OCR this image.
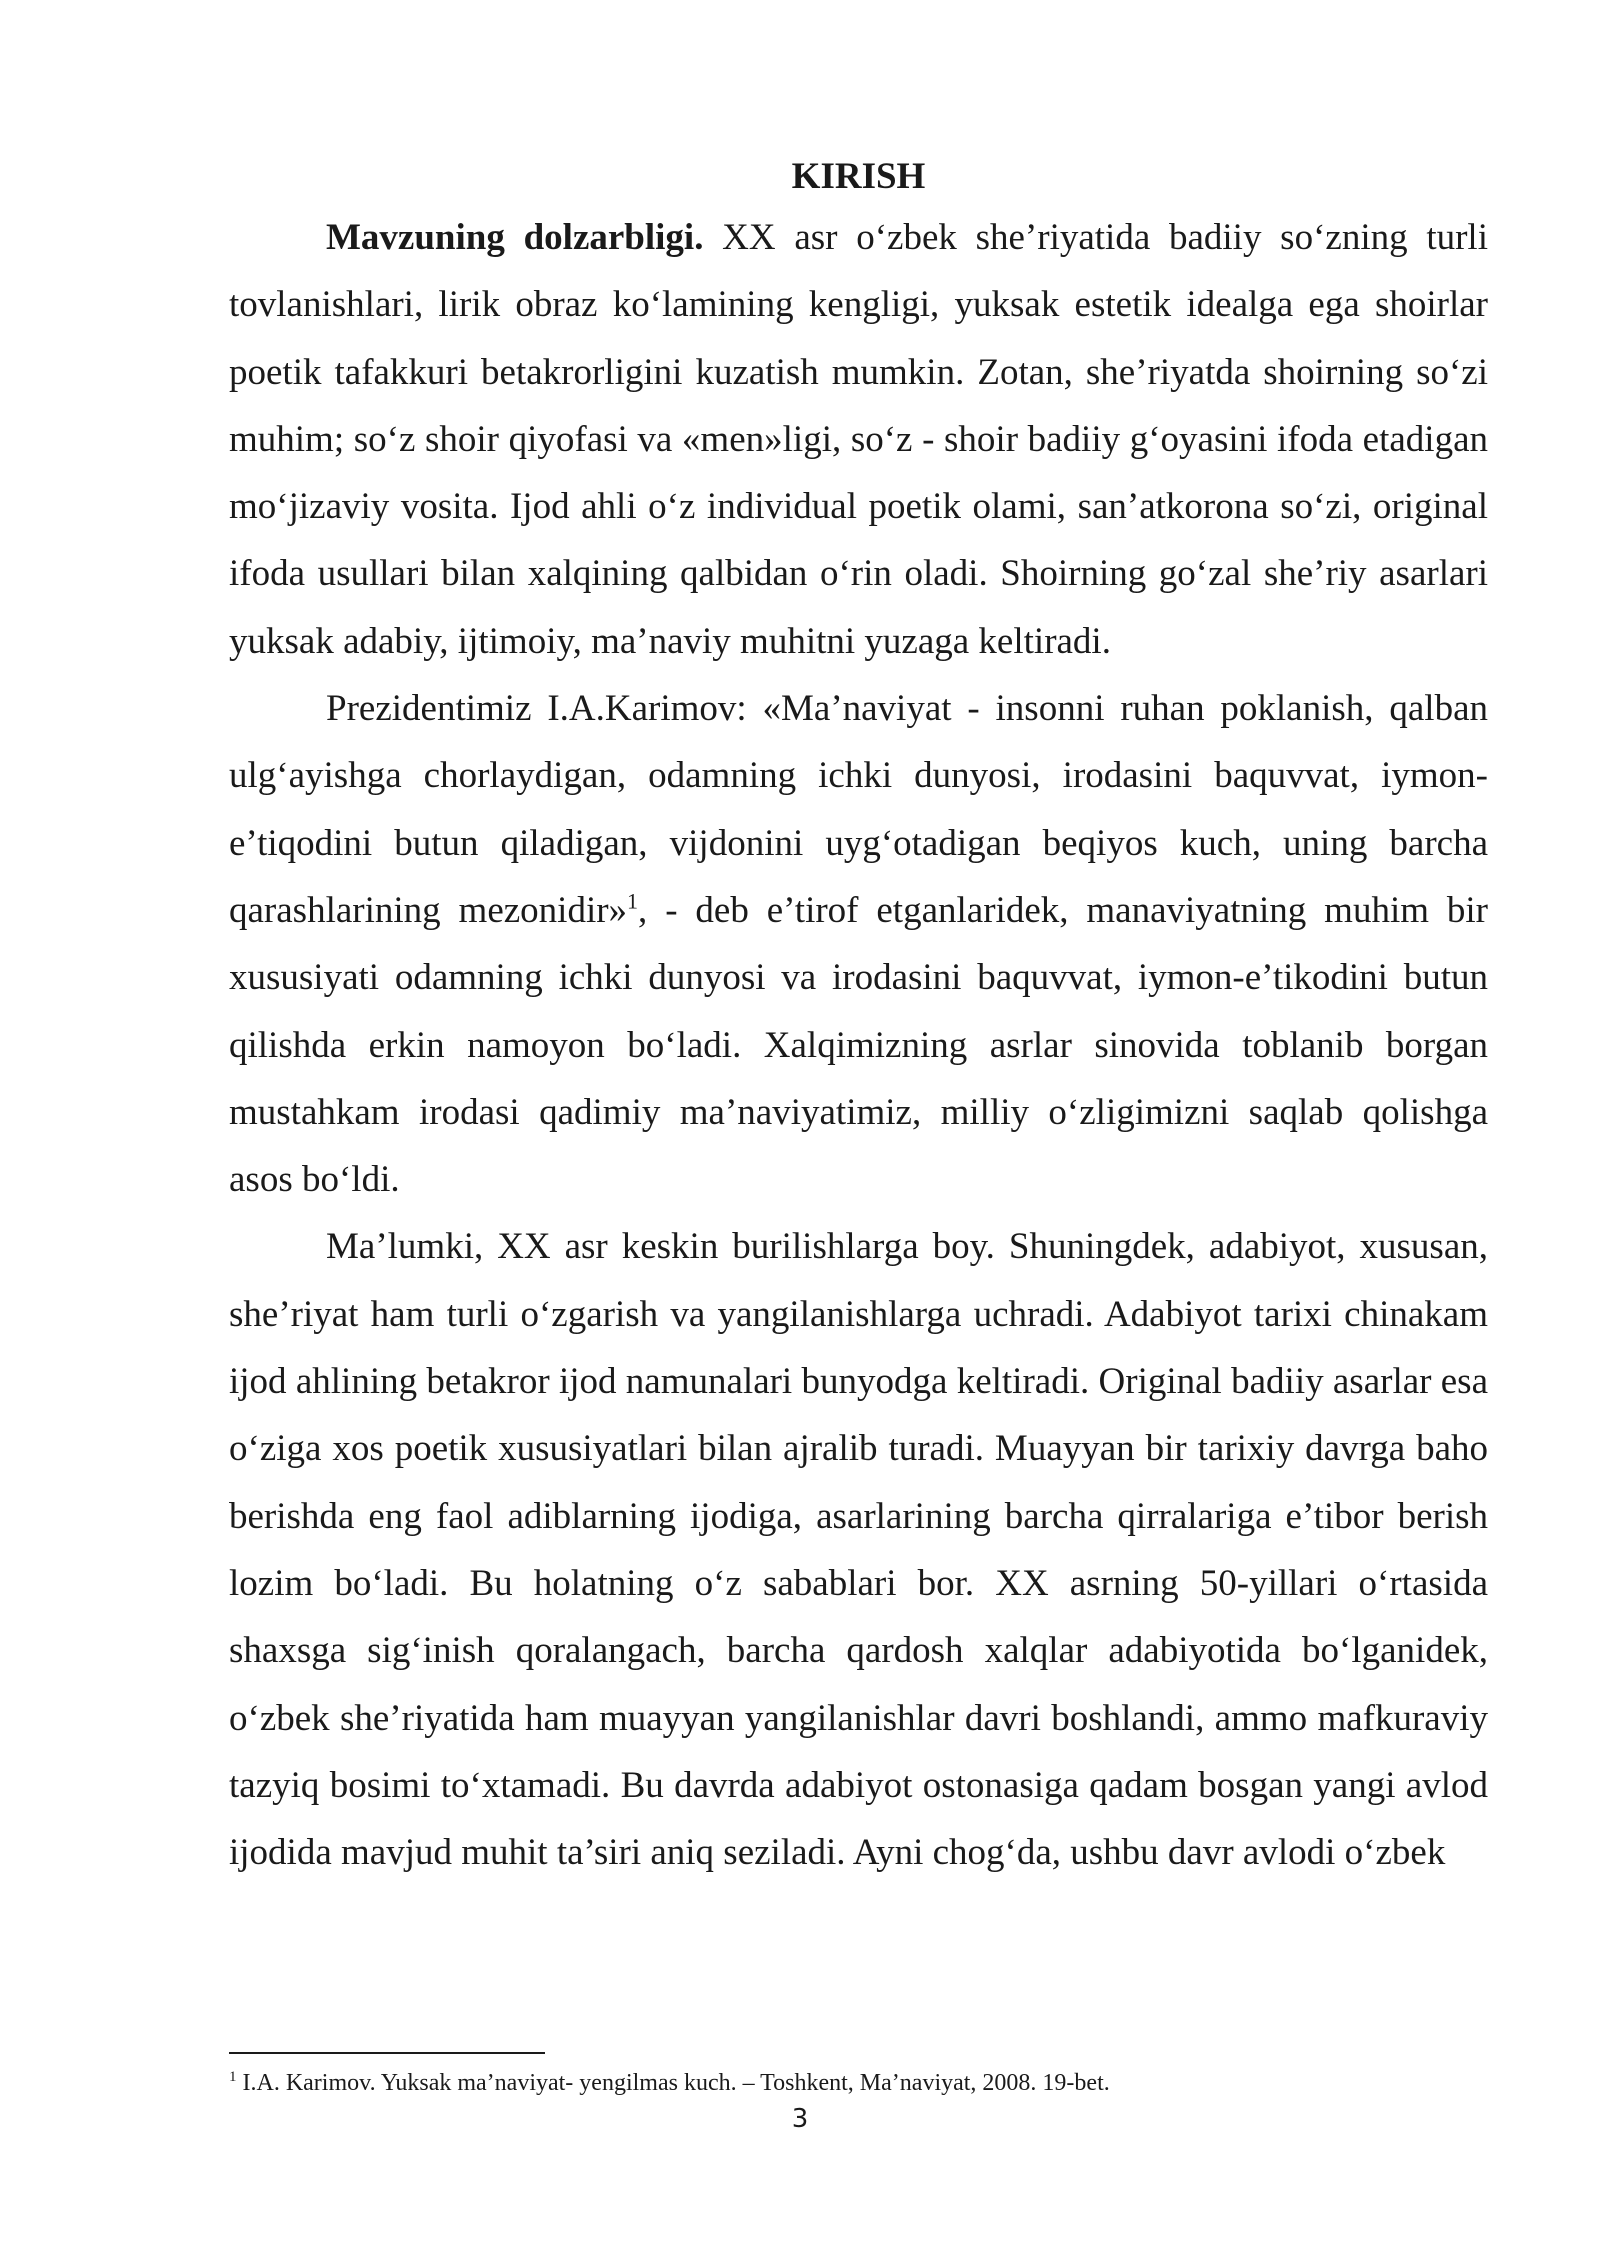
KIRISH

Mavzuning dolzarbligi. XX asr o‘zbek she’riyatida badiiy so‘zning turli tovlanishlari, lirik obraz ko‘lamining kengligi, yuksak estetik idealga ega shoirlar poetik tafakkuri betakrorligini kuzatish mumkin. Zotan, she’riyatda shoirning so‘zi muhim; so‘z shoir qiyofasi va «men»ligi, so‘z - shoir badiiy g‘oyasini ifoda etadigan mo‘jizaviy vosita. Ijod ahli o‘z individual poetik olami, san’atkorona so‘zi, original ifoda usullari bilan xalqining qalbidan o‘rin oladi. Shoirning go‘zal she’riy asarlari yuksak adabiy, ijtimoiy, ma’naviy muhitni yuzaga keltiradi.

Prezidentimiz I.A.Karimov: «Ma’naviyat - insonni ruhan poklanish, qalban ulg‘ayishga chorlaydigan, odamning ichki dunyosi, irodasini baquvvat, iymon-e’tiqodini butun qiladigan, vijdonini uyg‘otadigan beqiyos kuch, uning barcha qarashlarining mezonidir»$^1$, - deb e’tirof etganlaridek, manaviyatning muhim bir xususiyati odamning ichki dunyosi va irodasini baquvvat, iymon-e’tikodini butun qilishda erkin namoyon bo‘ladi. Xalqimizning asrlar sinovida toblanib borgan mustahkam irodasi qadimiy ma’naviyatimiz, milliy o‘zligimizni saqlab qolishga asos bo‘ldi.

Ma’lumki, XX asr keskin burilishlarga boy. Shuningdek, adabiyot, xususan, she’riyat ham turli o‘zgarish va yangilanishlarga uchradi. Adabiyot tarixi chinakam ijod ahlining betakror ijod namunalari bunyodga keltiradi. Original badiiy asarlar esa o‘ziga xos poetik xususiyatlari bilan ajralib turadi. Muayyan bir tarixiy davrga baho berishda eng faol adiblarning ijodiga, asarlarining barcha qirralariga e’tibor berish lozim bo‘ladi. Bu holatning o‘z sabablari bor. XX asrning 50-yillari o‘rtasida shaxsga sig‘inish qoralangach, barcha qardosh xalqlar adabiyotida bo‘lganidek, o‘zbek she’riyatida ham muayyan yangilanishlar davri boshlandi, ammo mafkuraviy tazyiq bosimi to‘xtamadi. Bu davrda adabiyot ostonasiga qadam bosgan yangi avlod ijodida mavjud muhit ta’siri aniq seziladi. Ayni chog‘da, ushbu davr avlodi o‘zbek

$^1$ I.A. Karimov. Yuksak ma’naviyat- yengilmas kuch. – Toshkent, Ma’naviyat, 2008. 19-bet.

3
